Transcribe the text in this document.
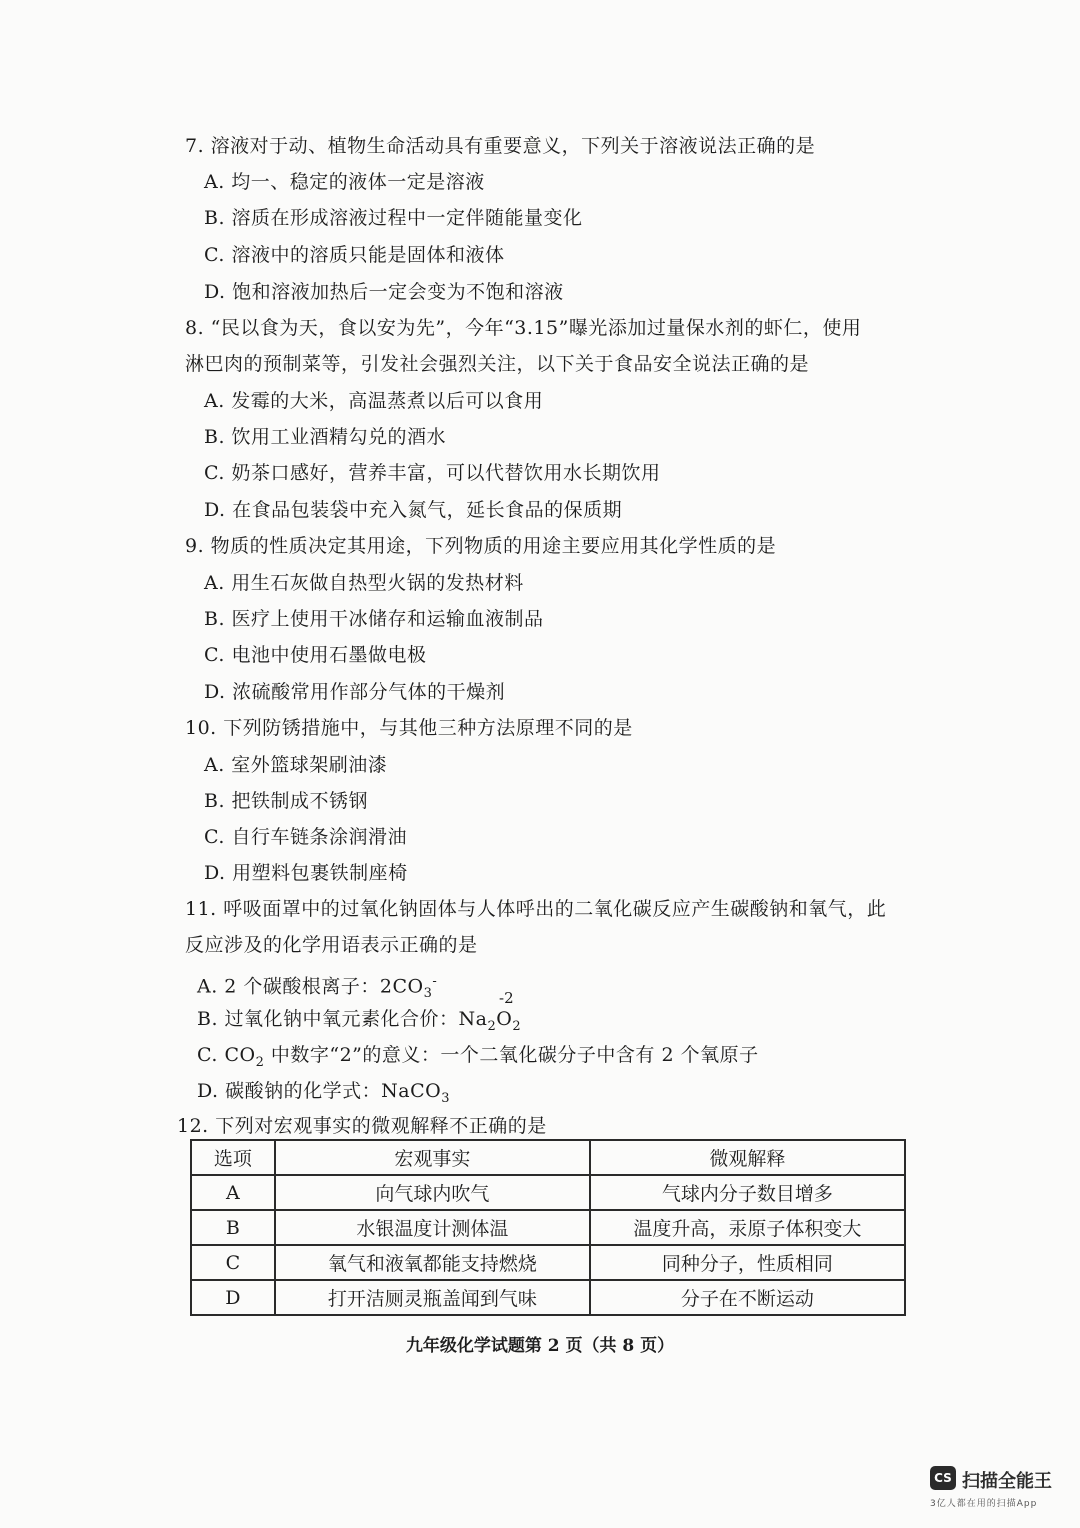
7. 溶液对于动、植物生命活动具有重要意义，下列关于溶液说法正确的是
A. 均一、稳定的液体一定是溶液
B. 溶质在形成溶液过程中一定伴随能量变化
C. 溶液中的溶质只能是固体和液体
D. 饱和溶液加热后一定会变为不饱和溶液
8. “民以食为天，食以安为先”，今年“3.15”曝光添加过量保水剂的虾仁，使用
淋巴肉的预制菜等，引发社会强烈关注，以下关于食品安全说法正确的是
A. 发霉的大米，高温蒸煮以后可以食用
B. 饮用工业酒精勾兑的酒水
C. 奶茶口感好，营养丰富，可以代替饮用水长期饮用
D. 在食品包装袋中充入氮气，延长食品的保质期
9. 物质的性质决定其用途，下列物质的用途主要应用其化学性质的是
A. 用生石灰做自热型火锅的发热材料
B. 医疗上使用干冰储存和运输血液制品
C. 电池中使用石墨做电极
D. 浓硫酸常用作部分气体的干燥剂
10. 下列防锈措施中，与其他三种方法原理不同的是
A. 室外篮球架刷油漆
B. 把铁制成不锈钢
C. 自行车链条涂润滑油
D. 用塑料包裹铁制座椅
11. 呼吸面罩中的过氧化钠固体与人体呼出的二氧化碳反应产生碳酸钠和氧气，此
反应涉及的化学用语表示正确的是
A. 2 个碳酸根离子：$2CO_3^-$
-2
B. 过氧化钠中氧元素化合价：$Na_2O_2$
C. $CO_2$ 中数字“2”的意义：一个二氧化碳分子中含有 2 个氧原子
D. 碳酸钠的化学式：NaCO$_3$
12. 下列对宏观事实的微观解释不正确的是
选项	宏观事实	微观解释
A	向气球内吹气	气球内分子数目增多
B	水银温度计测体温	温度升高，汞原子体积变大
C	氧气和液氧都能支持燃烧	同种分子，性质相同
D	打开洁厕灵瓶盖闻到气味	分子在不断运动
九年级化学试题第 2 页（共 8 页）
CS 扫描全能王
3亿人都在用的扫描App
